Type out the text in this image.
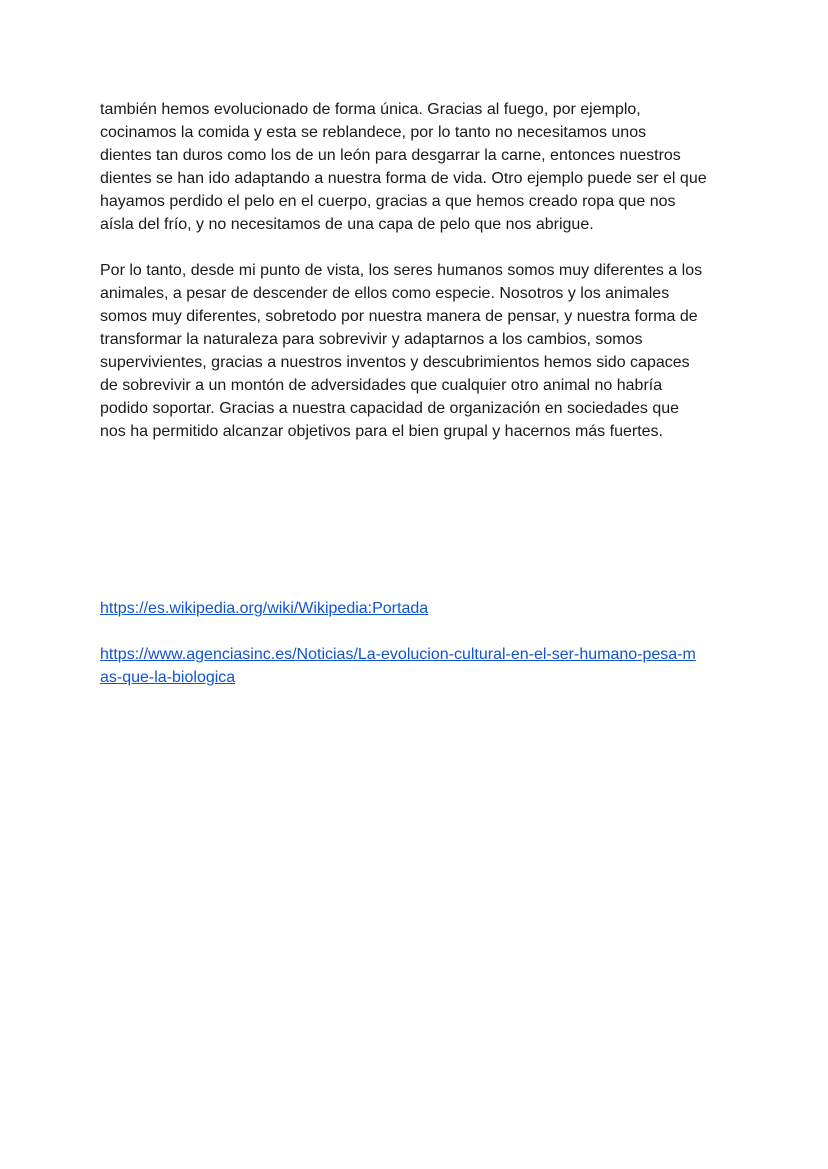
también hemos evolucionado de forma única. Gracias al fuego, por ejemplo,
cocinamos la comida y esta se reblandece, por lo tanto no necesitamos unos
dientes tan duros como los de un león para desgarrar la carne, entonces nuestros
dientes se han ido adaptando a nuestra forma de vida. Otro ejemplo puede ser el que
hayamos perdido el pelo en el cuerpo, gracias a que hemos creado ropa que nos
aísla del frío, y no necesitamos de una capa de pelo que nos abrigue.

Por lo tanto, desde mi punto de vista, los seres humanos somos muy diferentes a los
animales, a pesar de descender de ellos como especie. Nosotros y los animales
somos muy diferentes, sobretodo por nuestra manera de pensar, y nuestra forma de
transformar la naturaleza para sobrevivir y adaptarnos a los cambios, somos
supervivientes, gracias a nuestros inventos y descubrimientos hemos sido capaces
de sobrevivir a un montón de adversidades que cualquier otro animal no habría
podido soportar. Gracias a nuestra capacidad de organización en sociedades que
nos ha permitido alcanzar objetivos para el bien grupal y hacernos más fuertes.

https://es.wikipedia.org/wiki/Wikipedia:Portada
https://www.agenciasinc.es/Noticias/La-evolucion-cultural-en-el-ser-humano-pesa-m
as-que-la-biologica
